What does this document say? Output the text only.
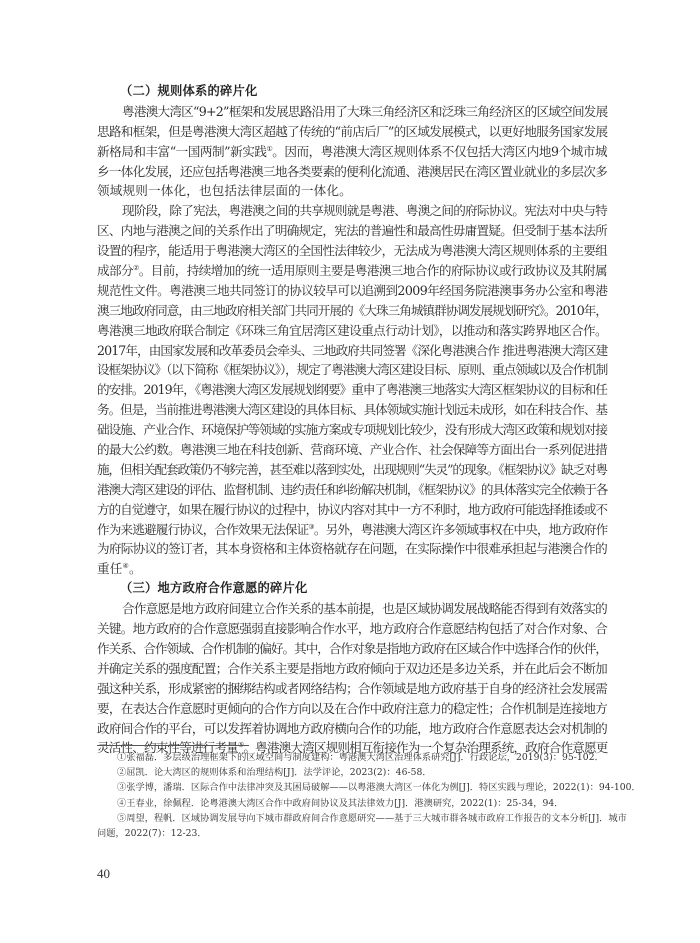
（二）规则体系的碎片化
粤港澳大湾区“9+2”框架和发展思路沿用了大珠三角经济区和泛珠三角经济区的区域空间发展
思路和框架，但是粤港澳大湾区超越了传统的“前店后厂”的区域发展模式，以更好地服务国家发展
新格局和丰富“一国两制”新实践①。因而，粤港澳大湾区规则体系不仅包括大湾区内地9个城市城
乡一体化发展，还应包括粤港澳三地各类要素的便利化流通、港澳居民在湾区置业就业的多层次多
领域规则一体化，也包括法律层面的一体化。
现阶段，除了宪法，粤港澳之间的共享规则就是粤港、粤澳之间的府际协议。宪法对中央与特
区、内地与港澳之间的关系作出了明确规定，宪法的普遍性和最高性毋庸置疑。但受制于基本法所
设置的程序，能适用于粤港澳大湾区的全国性法律较少，无法成为粤港澳大湾区规则体系的主要组
成部分②。目前，持续增加的统一适用原则主要是粤港澳三地合作的府际协议或行政协议及其附属
规范性文件。粤港澳三地共同签订的协议较早可以追溯到2009年经国务院港澳事务办公室和粤港
澳三地政府同意，由三地政府相关部门共同开展的《大珠三角城镇群协调发展规划研究》。2010年，
粤港澳三地政府联合制定《环珠三角宜居湾区建设重点行动计划》，以推动和落实跨界地区合作。
2017年，由国家发展和改革委员会牵头、三地政府共同签署《深化粤港澳合作 推进粤港澳大湾区建
设框架协议》（以下简称《框架协议》），规定了粤港澳大湾区建设目标、原则、重点领域以及合作机制
的安排。2019年，《粤港澳大湾区发展规划纲要》重申了粤港澳三地落实大湾区框架协议的目标和任
务。但是，当前推进粤港澳大湾区建设的具体目标、具体领域实施计划远未成形，如在科技合作、基
础设施、产业合作、环境保护等领域的实施方案或专项规划比较少，没有形成大湾区政策和规划对接
的最大公约数。粤港澳三地在科技创新、营商环境、产业合作、社会保障等方面出台一系列促进措
施，但相关配套政策仍不够完善，甚至难以落到实处，出现规则“失灵”的现象。《框架协议》缺乏对粤
港澳大湾区建设的评估、监督机制、违约责任和纠纷解决机制，《框架协议》的具体落实完全依赖于各
方的自觉遵守，如果在履行协议的过程中，协议内容对其中一方不利时，地方政府可能选择推诿或不
作为来逃避履行协议，合作效果无法保证③。另外，粤港澳大湾区许多领域事权在中央，地方政府作
为府际协议的签订者，其本身资格和主体资格就存在问题，在实际操作中很难承担起与港澳合作的
重任④。
（三）地方政府合作意愿的碎片化
合作意愿是地方政府间建立合作关系的基本前提，也是区域协调发展战略能否得到有效落实的
关键。地方政府的合作意愿强弱直接影响合作水平，地方政府合作意愿结构包括了对合作对象、合
作关系、合作领域、合作机制的偏好。其中，合作对象是指地方政府在区域合作中选择合作的伙伴，
并确定关系的强度配置；合作关系主要是指地方政府倾向于双边还是多边关系，并在此后会不断加
强这种关系，形成紧密的捆绑结构或者网络结构；合作领域是地方政府基于自身的经济社会发展需
要，在表达合作意愿时更倾向的合作方向以及在合作中政府注意力的稳定性；合作机制是连接地方
政府间合作的平台，可以发挥着协调地方政府横向合作的功能，地方政府合作意愿表达会对机制的
灵活性、约束性等进行考量⑤。粤港澳大湾区规则相互衔接作为一个复杂治理系统，政府合作意愿更
①张福磊．多层级治理框架下的区域空间与制度建构：粤港澳大湾区治理体系研究[J]．行政论坛，2019(3)：95-102．
②屈凯．论大湾区的规则体系和治理结构[J]．法学评论，2023(2)：46-58．
③张学博，潘瑞．区际合作中法律冲突及其困局破解——以粤港澳大湾区一体化为例[J]．特区实践与理论，2022(1)：94-100．
④王春业，徐佩程．论粤港澳大湾区合作中政府间协议及其法律效力[J]．港澳研究，2022(1)：25-34，94．
⑤周望，程帆．区域协调发展导向下城市群政府间合作意愿研究——基于三大城市群各城市政府工作报告的文本分析[J]．城市
问题，2022(7)：12-23．
40
